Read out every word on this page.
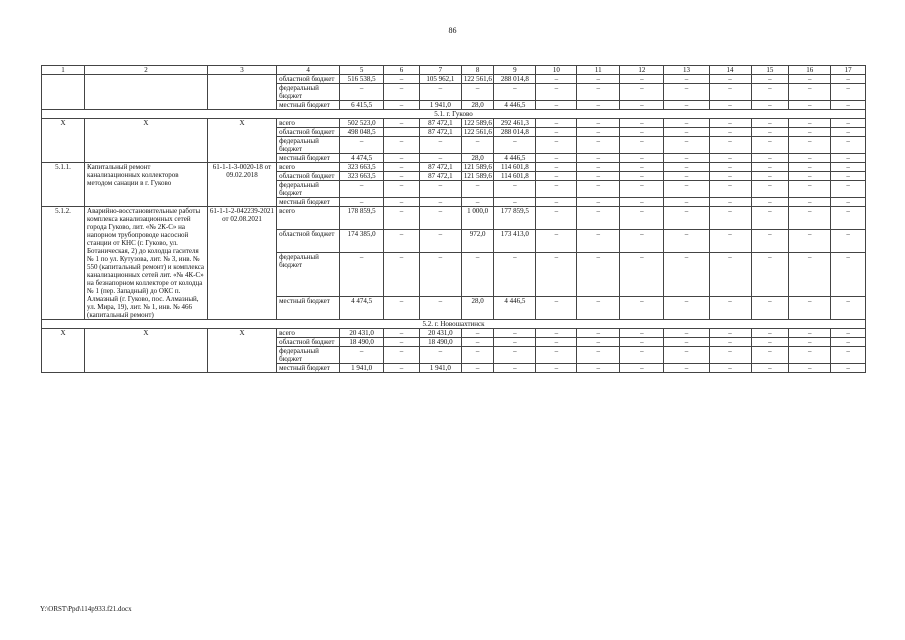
86
1	2	3	4	5	6	7	8	9	10	11	12	13	14	15	16	17
			областной бюджет	516 538,5	–	105 962,1	122 561,6	288 014,8	–	–	–	–	–	–	–	–
			федеральный бюджет	–	–	–	–	–	–	–	–	–	–	–	–	–
			местный бюджет	6 415,5	–	1 941,0	28,0	4 446,5	–	–	–	–	–	–	–	–
5.1. г. Гуково																
X	X	X	всего	502 523,0	–	87 472,1	122 589,6	292 461,3	–	–	–	–	–	–	–	–
			областной бюджет	498 048,5		87 472,1	122 561,6	288 014,8	–	–	–	–	–	–	–	–
			федеральный бюджет	–	–	–	–	–	–	–	–	–	–	–	–	–
			местный бюджет	4 474,5	–	–	28,0	4 446,5	–	–	–	–	–	–	–	–
5.1.1.	Капитальный ремонт канализационных коллекторов методом санации в г. Гуково	61-1-1-3-0020-18 от 09.02.2018	всего	323 663,5	–	87 472,1	121 589,6	114 601,8	–	–	–	–	–	–	–	–
			областной бюджет	323 663,5	–	87 472,1	121 589,6	114 601,8	–	–	–	–	–	–	–	–
			федеральный бюджет	–	–	–	–	–	–	–	–	–	–	–	–	–
			местный бюджет	–	–	–	–	–	–	–	–	–	–	–	–	–
5.1.2.	Аварийно-восстановительные работы комплекса канализационных сетей города Гуково, лит. «№ 2К-С» на напорном трубопроводе насосной станции от КНС (г. Гуково, ул. Ботаническая, 2) до колодца гасителя № 1 по ул. Кутузова, лит. № 3, инв. № 550 (капитальный ремонт) и комплекса канализационных сетей лит. «№ 4К-С» на безнапорном коллекторе от колодца № 1 (пер. Западный) до ОКС п. Алмазный (г. Гуково, пос. Алмазный, ул. Мира, 19), лит. № 1, инв. № 466 (капитальный ремонт)	61-1-1-2-042239-2021 от 02.08.2021	всего	178 859,5	–	–	1 000,0	177 859,5	–	–	–	–	–	–	–	–
			областной бюджет	174 385,0	–	–	972,0	173 413,0	–	–	–	–	–	–	–	–
			федеральный бюджет	–	–	–	–	–	–	–	–	–	–	–	–	–
			местный бюджет	4 474,5	–	–	28,0	4 446,5	–	–	–	–	–	–	–	–
5.2. г. Новошахтинск																
X	X	X	всего	20 431,0	–	20 431,0	–	–	–	–	–	–	–	–	–	–
			областной бюджет	18 490,0	–	18 490,0	–	–	–	–	–	–	–	–	–	–
			федеральный бюджет	–	–	–	–	–	–	–	–	–	–	–	–	–
			местный бюджет	1 941,0	–	1 941,0	–	–	–	–	–	–	–	–	–	–
Y:\ORST\Ppd\114p933.f21.docx
